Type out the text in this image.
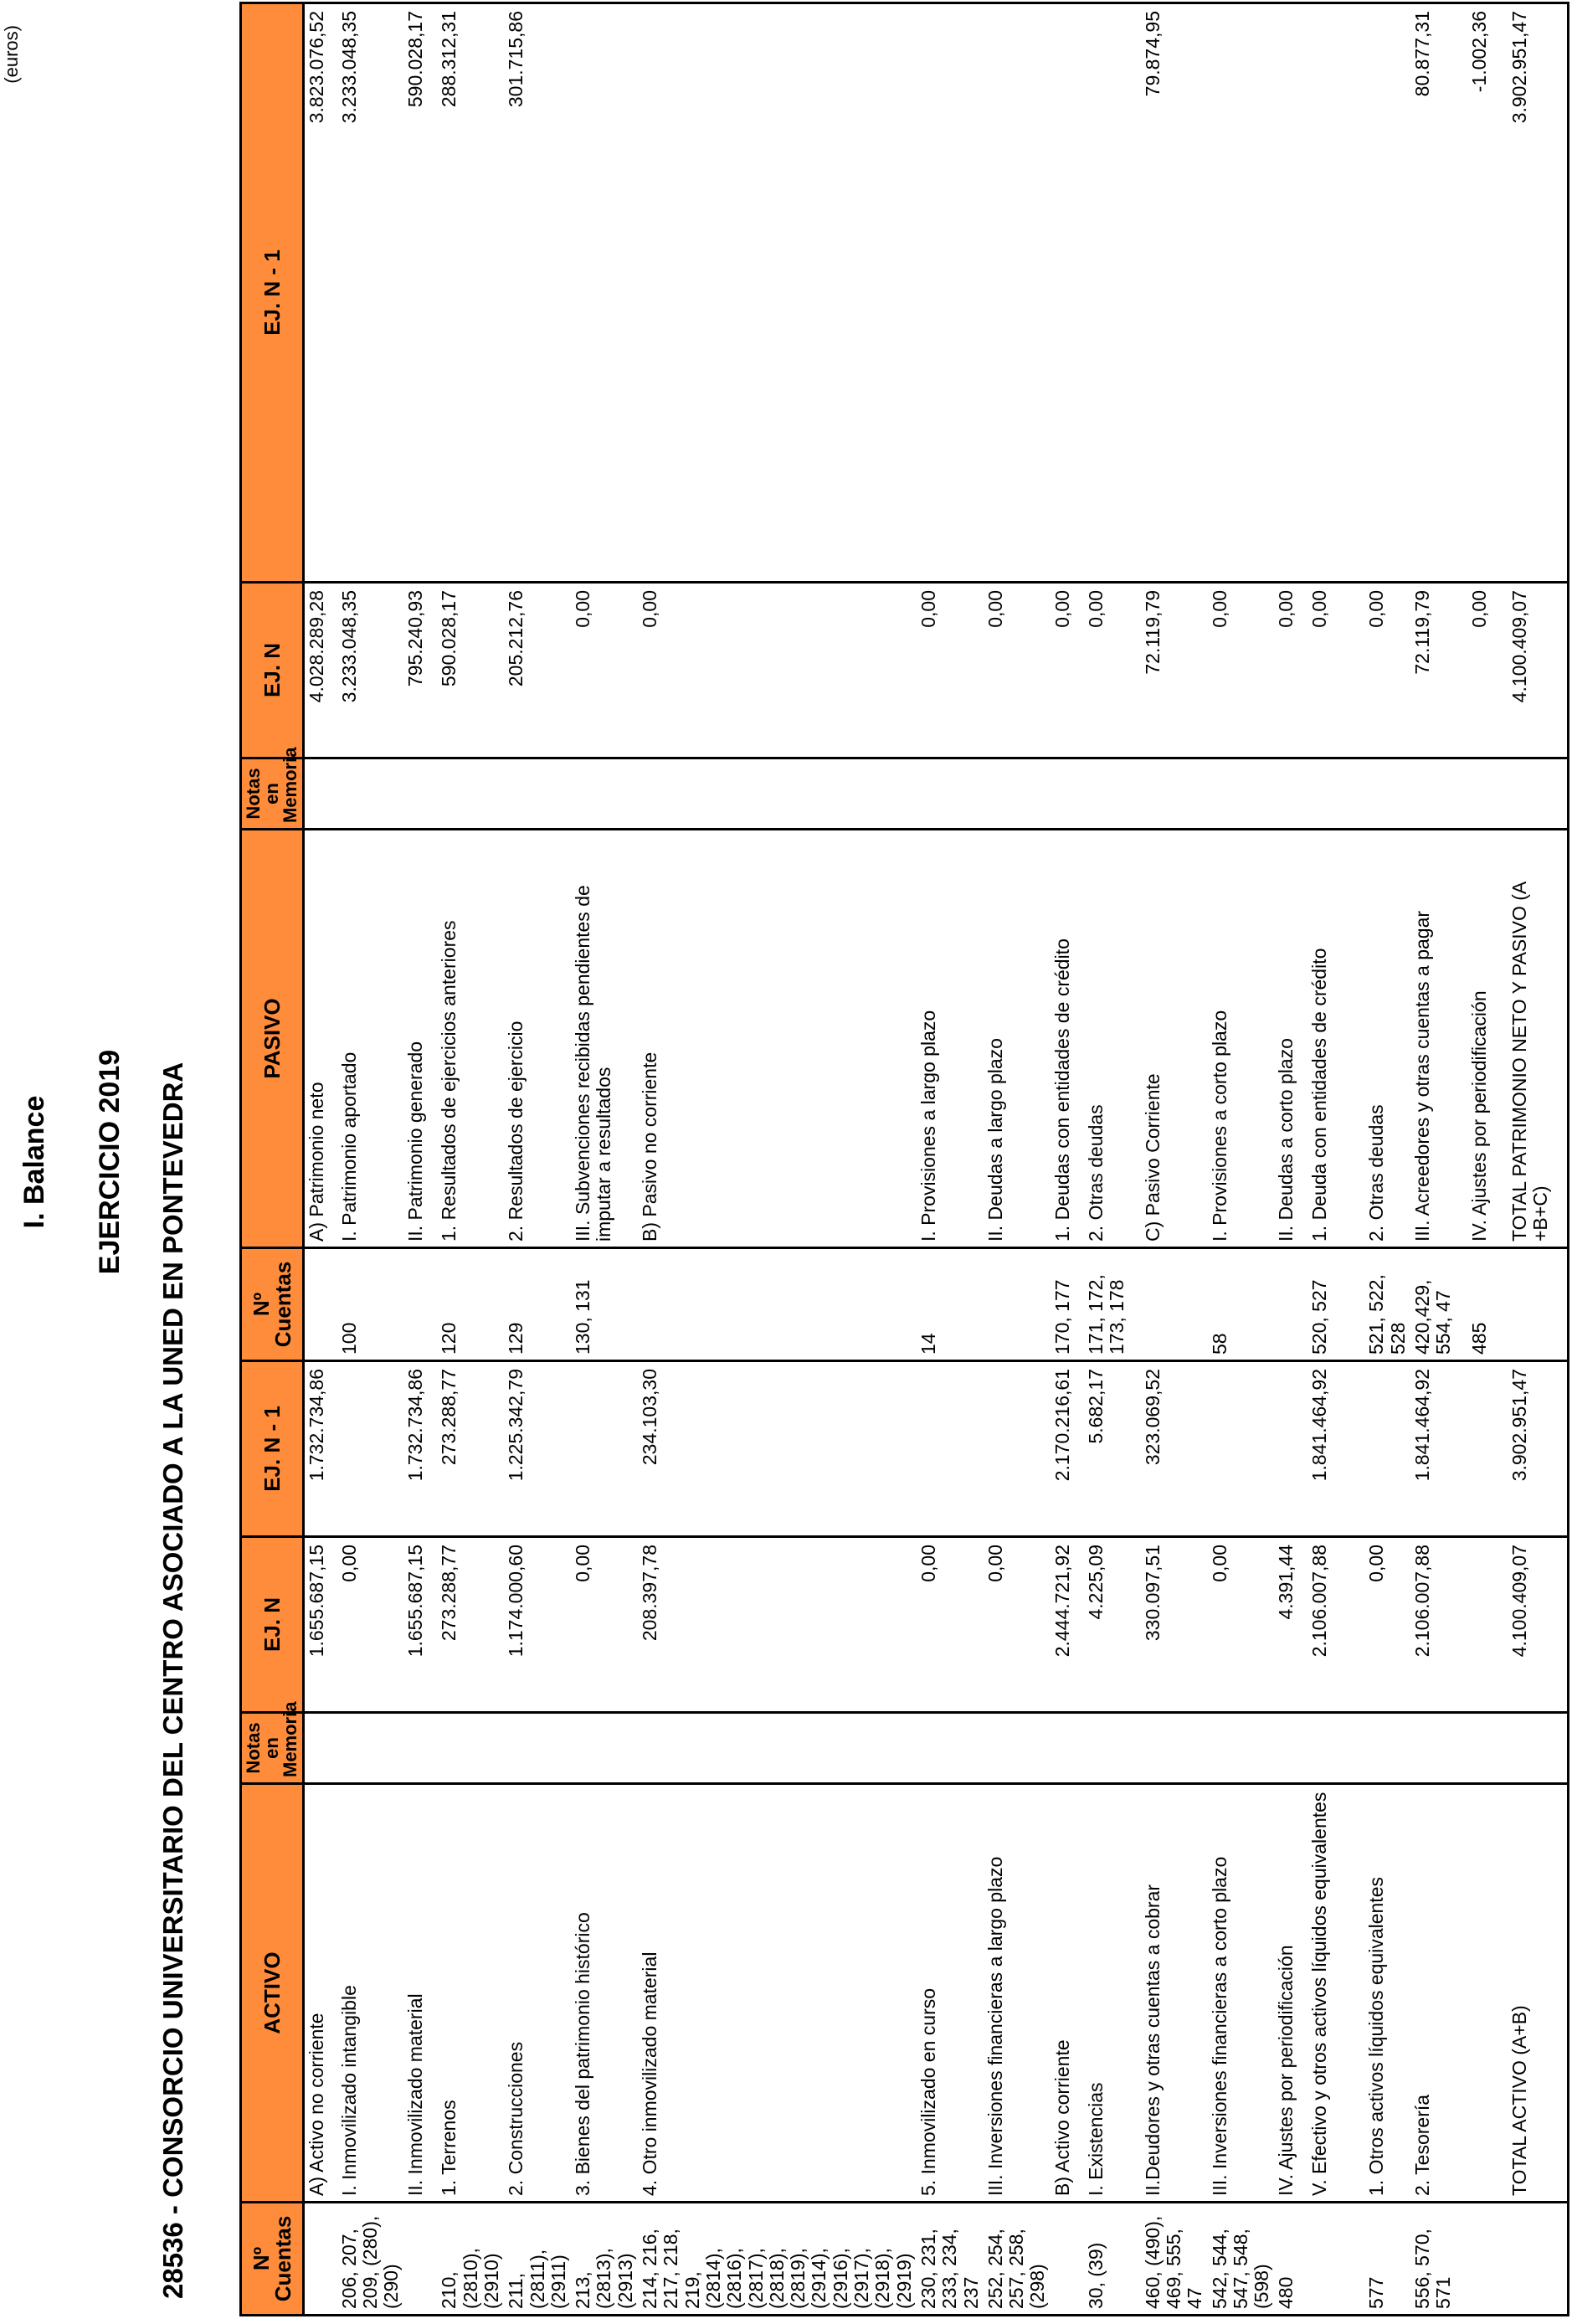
(euros)
I. Balance EJERCICIO 2019 28536 - CONSORCIO UNIVERSITARIO DEL CENTRO ASOCIADO A LA UNED EN PONTEVEDRA	Nº Cuentas	ACTIVO	Notas en Memoria	EJ. N	EJ. N - 1	Nº Cuentas	PASIVO	Notas en Memoria	EJ. N	EJ. N - 1
	A) Activo no corriente		1.655.687,15	1.732.734,86		A) Patrimonio neto		4.028.289,28	3.823.076,52
206, 207, 209, (280), (290)	I. Inmovilizado intangible		0,00		100	I. Patrimonio aportado		3.233.048,35	3.233.048,35
	II. Inmovilizado material		1.655.687,15	1.732.734,86		II. Patrimonio generado		795.240,93	590.028,17
210, (2810), (2910)	1. Terrenos		273.288,77	273.288,77	120	1. Resultados de ejercicios anteriores		590.028,17	288.312,31
211, (2811), (2911)	2. Construcciones		1.174.000,60	1.225.342,79	129	2. Resultados de ejercicio		205.212,76	301.715,86
213, (2813), (2913)	3. Bienes del patrimonio histórico		0,00		130, 131	III. Subvenciones recibidas pendientes de imputar a resultados		0,00	
214, 216, 217, 218, 219, (2814), (2816), (2817), (2818), (2819), (2914), (2916), (2917), (2918), (2919)	4. Otro inmovilizado material		208.397,78	234.103,30		B) Pasivo no corriente		0,00	
230, 231, 233, 234, 237	5. Inmovilizado en curso		0,00		14	I. Provisiones a largo plazo		0,00	
252, 254, 257, 258, (298)	III. Inversiones financieras a largo plazo		0,00			II. Deudas a largo plazo		0,00	
	B) Activo corriente		2.444.721,92	2.170.216,61	170, 177	1. Deudas con entidades de crédito		0,00	
30, (39)	I. Existencias		4.225,09	5.682,17	171, 172, 173, 178	2. Otras deudas		0,00	
460, (490), 469, 555, 47	II.Deudores y otras cuentas a cobrar		330.097,51	323.069,52		C) Pasivo Corriente		72.119,79	79.874,95
542, 544, 547, 548, (598)	III. Inversiones financieras a corto plazo		0,00		58	I. Provisiones a corto plazo		0,00	
480	IV. Ajustes por periodificación		4.391,44			II. Deudas a corto plazo		0,00	
	V. Efectivo y otros activos líquidos equivalentes		2.106.007,88	1.841.464,92	520, 527	1. Deuda con entidades de crédito		0,00	
577	1. Otros activos líquidos equivalentes		0,00		521, 522, 528	2. Otras deudas		0,00	
556, 570, 571	2. Tesorería		2.106.007,88	1.841.464,92	420,429, 554, 47	III. Acreedores y otras cuentas a pagar		72.119,79	80.877,31
					485	IV. Ajustes por periodificación		0,00	-1.002,36
	TOTAL ACTIVO (A+B)		4.100.409,07	3.902.951,47		TOTAL PATRIMONIO NETO Y PASIVO (A +B+C)		4.100.409,07	3.902.951,47
